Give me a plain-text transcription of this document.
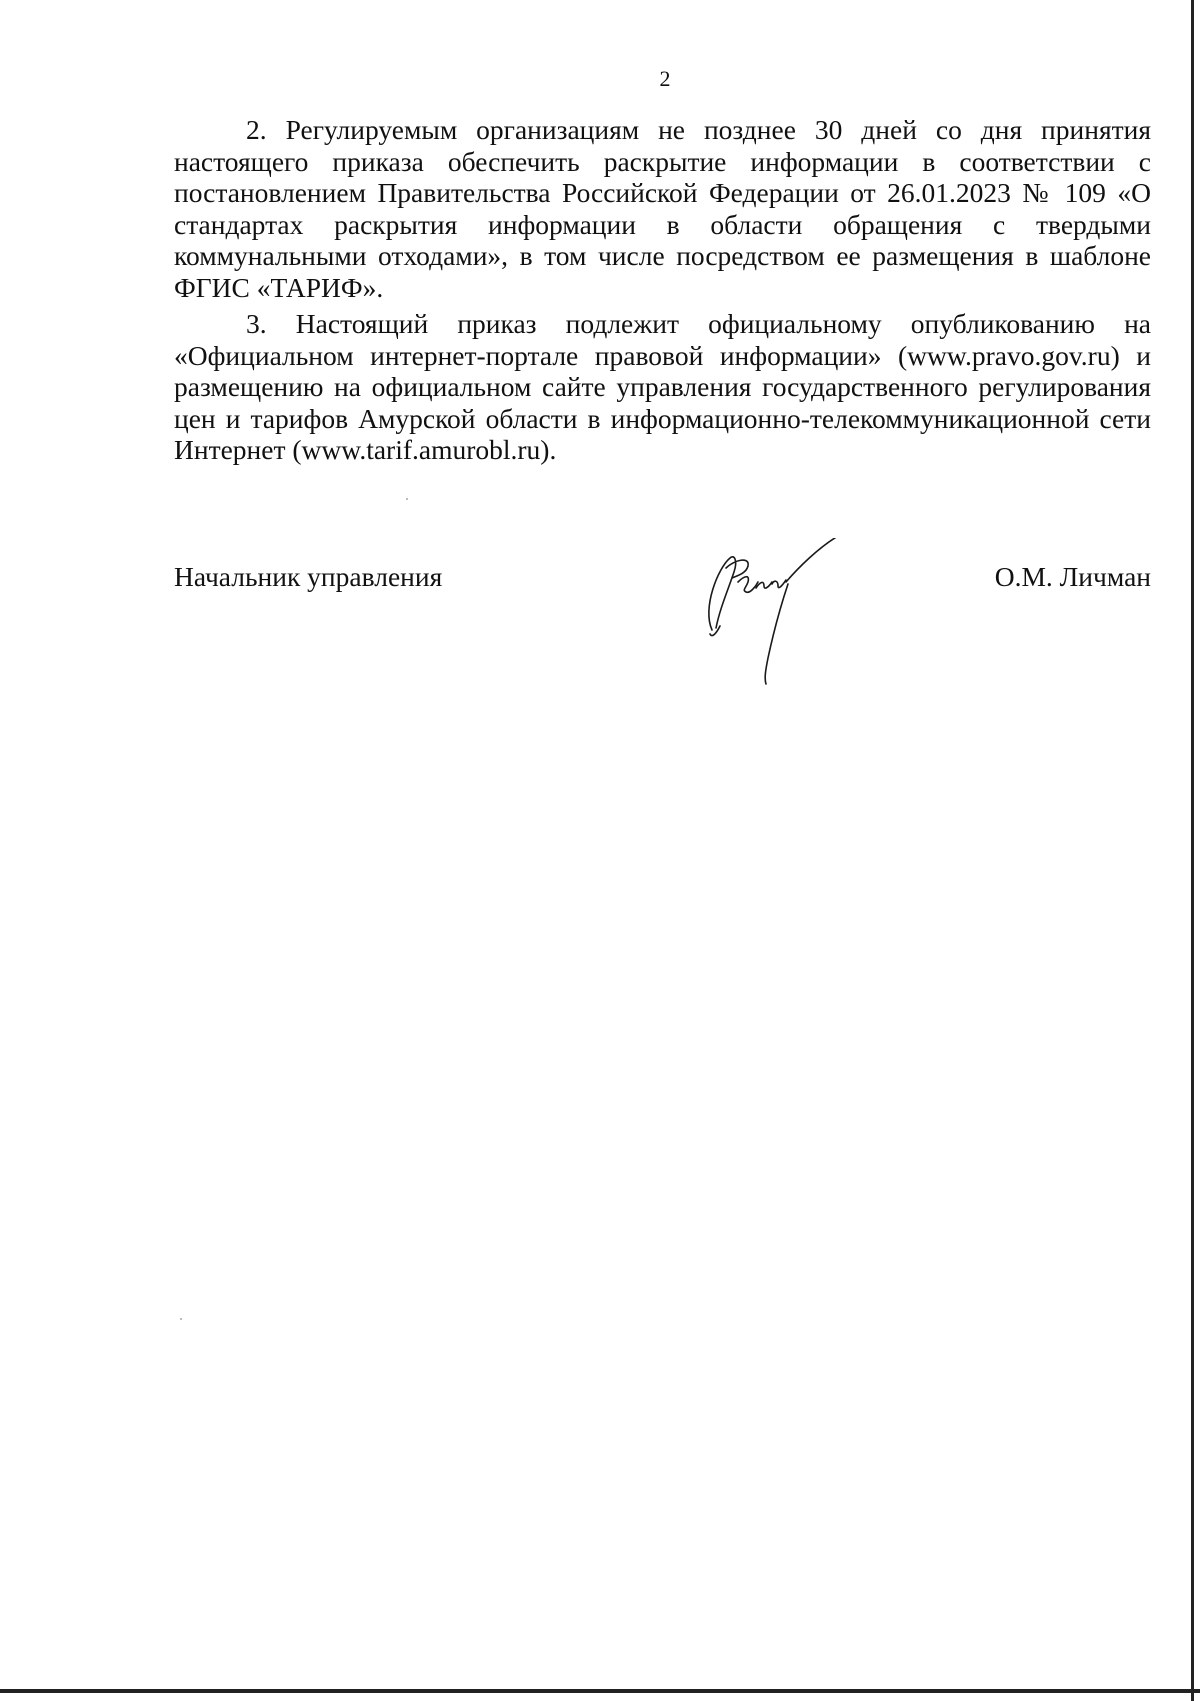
2

2. Регулируемым организациям не позднее 30 дней со дня принятия настоящего приказа обеспечить раскрытие информации в соответствии с постановлением Правительства Российской Федерации от 26.01.2023 № 109 «О стандартах раскрытия информации в области обращения с твердыми коммунальными отходами», в том числе посредством ее размещения в шаблоне ФГИС «ТАРИФ».

3. Настоящий приказ подлежит официальному опубликованию на «Официальном интернет-портале правовой информации» (www.pravo.gov.ru) и размещению на официальном сайте управления государственного регулирования цен и тарифов Амурской области в информационно-телекоммуникационной сети Интернет (www.tarif.amurobl.ru).

Начальник управления	О.М. Личман
